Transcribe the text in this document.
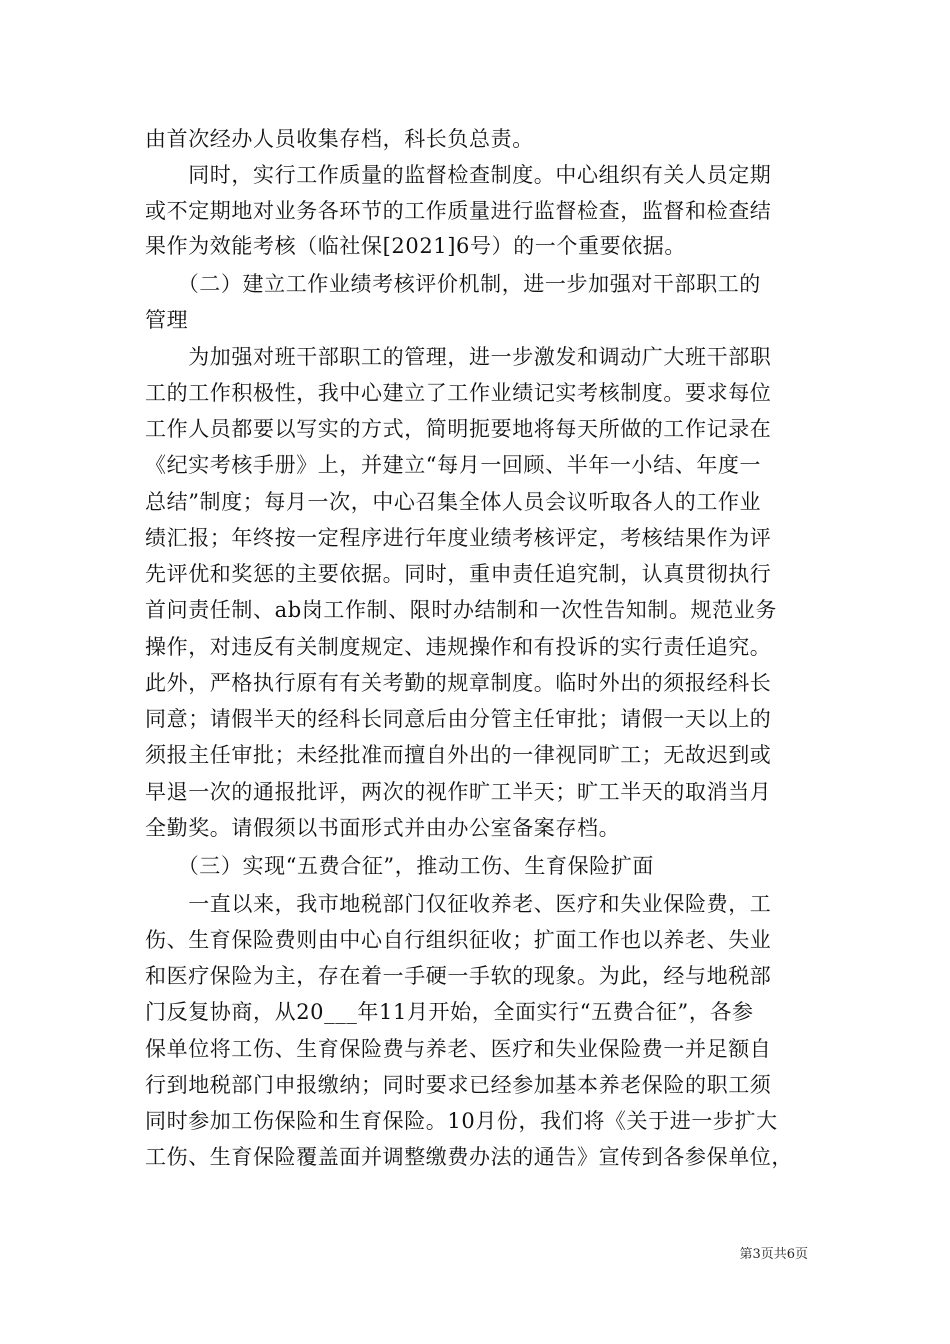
由首次经办人员收集存档，科长负总责。
　　同时，实行工作质量的监督检查制度。中心组织有关人员定期
或不定期地对业务各环节的工作质量进行监督检查，监督和检查结
果作为效能考核（临社保[2021]6号）的一个重要依据。
　　（二）建立工作业绩考核评价机制，进一步加强对干部职工的
管理
　　为加强对班干部职工的管理，进一步激发和调动广大班干部职
工的工作积极性，我中心建立了工作业绩记实考核制度。要求每位
工作人员都要以写实的方式，简明扼要地将每天所做的工作记录在
《纪实考核手册》上，并建立“每月一回顾、半年一小结、年度一
总结”制度；每月一次，中心召集全体人员会议听取各人的工作业
绩汇报；年终按一定程序进行年度业绩考核评定，考核结果作为评
先评优和奖惩的主要依据。同时，重申责任追究制，认真贯彻执行
首问责任制、ab岗工作制、限时办结制和一次性告知制。规范业务
操作，对违反有关制度规定、违规操作和有投诉的实行责任追究。
此外，严格执行原有有关考勤的规章制度。临时外出的须报经科长
同意；请假半天的经科长同意后由分管主任审批；请假一天以上的
须报主任审批；未经批准而擅自外出的一律视同旷工；无故迟到或
早退一次的通报批评，两次的视作旷工半天；旷工半天的取消当月
全勤奖。请假须以书面形式并由办公室备案存档。
　　（三）实现“五费合征”，推动工伤、生育保险扩面
　　一直以来，我市地税部门仅征收养老、医疗和失业保险费，工
伤、生育保险费则由中心自行组织征收；扩面工作也以养老、失业
和医疗保险为主，存在着一手硬一手软的现象。为此，经与地税部
门反复协商，从20___年11月开始，全面实行“五费合征”，各参
保单位将工伤、生育保险费与养老、医疗和失业保险费一并足额自
行到地税部门申报缴纳；同时要求已经参加基本养老保险的职工须
同时参加工伤保险和生育保险。10月份，我们将《关于进一步扩大
工伤、生育保险覆盖面并调整缴费办法的通告》宣传到各参保单位，
第3页共6页
